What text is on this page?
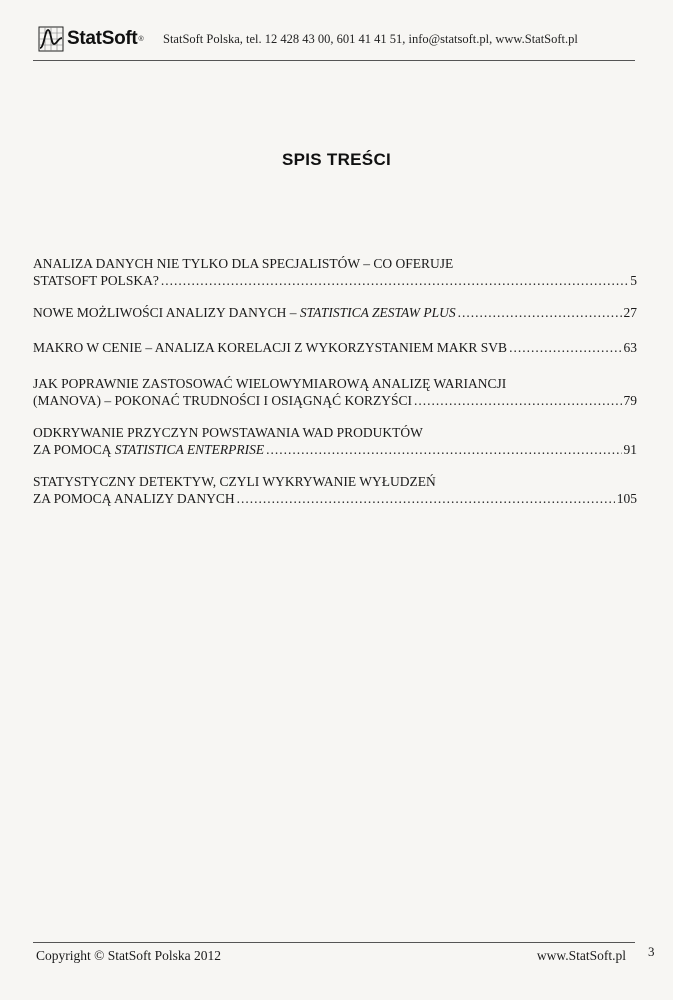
StatSoft ® StatSoft Polska, tel. 12 428 43 00, 601 41 41 51, info@statsoft.pl, www.StatSoft.pl
SPIS TREŚCI
ANALIZA DANYCH NIE TYLKO DLA SPECJALISTÓW – CO OFERUJE
STATSOFT POLSKA? .....	5
NOWE MOŻLIWOŚCI ANALIZY DANYCH – STATISTICA ZESTAW PLUS .....	27
MAKRO W CENIE – ANALIZA KORELACJI Z WYKORZYSTANIEM MAKR SVB .....	63
JAK POPRAWNIE ZASTOSOWAĆ WIELOWYMIAROWĄ ANALIZĘ WARIANCJI
(MANOVA) – POKONAĆ TRUDNOŚCI I OSIĄGNĄĆ KORZYŚCI .....	79
ODKRYWANIE PRZYCZYN POWSTAWANIA WAD PRODUKTÓW
ZA POMOCĄ STATISTICA ENTERPRISE .....	91
STATYSTYCZNY DETEKTYW, CZYLI WYKRYWANIE WYŁUDZEŃ
ZA POMOCĄ ANALIZY DANYCH .....	105
Copyright © StatSoft Polska 2012	www.StatSoft.pl 3
